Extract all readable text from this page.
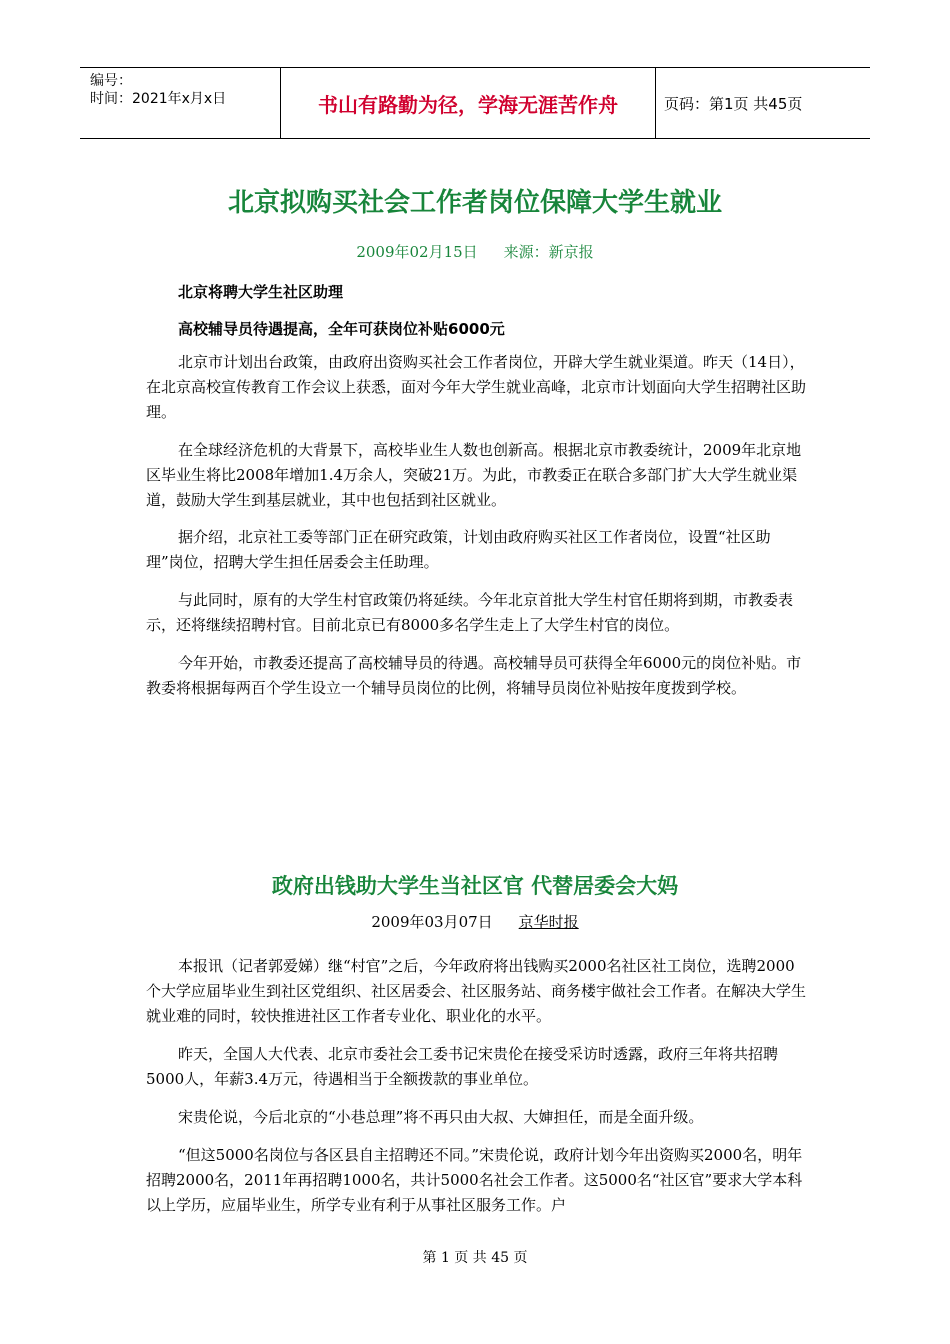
编号：
时间：2021年x月x日	书山有路勤为径，学海无涯苦作舟	页码：第1页 共45页
北京拟购买社会工作者岗位保障大学生就业
2009年02月15日 来源：新京报
北京将聘大学生社区助理
高校辅导员待遇提高，全年可获岗位补贴6000元

北京市计划出台政策，由政府出资购买社会工作者岗位，开辟大学生就业渠道。昨天（14日），在北京高校宣传教育工作会议上获悉，面对今年大学生就业高峰，北京市计划面向大学生招聘社区助理。

在全球经济危机的大背景下，高校毕业生人数也创新高。根据北京市教委统计，2009年北京地区毕业生将比2008年增加1.4万余人，突破21万。为此，市教委正在联合多部门扩大大学生就业渠道，鼓励大学生到基层就业，其中也包括到社区就业。

据介绍，北京社工委等部门正在研究政策，计划由政府购买社区工作者岗位，设置“社区助理”岗位，招聘大学生担任居委会主任助理。

与此同时，原有的大学生村官政策仍将延续。今年北京首批大学生村官任期将到期，市教委表示，还将继续招聘村官。目前北京已有8000多名学生走上了大学生村官的岗位。

今年开始，市教委还提高了高校辅导员的待遇。高校辅导员可获得全年6000元的岗位补贴。市教委将根据每两百个学生设立一个辅导员岗位的比例，将辅导员岗位补贴按年度拨到学校。

政府出钱助大学生当社区官 代替居委会大妈
2009年03月07日 京华时报

本报讯（记者郭爱娣）继“村官”之后，今年政府将出钱购买2000名社区社工岗位，选聘2000个大学应届毕业生到社区党组织、社区居委会、社区服务站、商务楼宇做社会工作者。在解决大学生就业难的同时，较快推进社区工作者专业化、职业化的水平。

昨天，全国人大代表、北京市委社会工委书记宋贵伦在接受采访时透露，政府三年将共招聘5000人，年薪3.4万元，待遇相当于全额拨款的事业单位。

宋贵伦说，今后北京的“小巷总理”将不再只由大叔、大婶担任，而是全面升级。

“但这5000名岗位与各区县自主招聘还不同。”宋贵伦说，政府计划今年出资购买2000名，明年招聘2000名，2011年再招聘1000名，共计5000名社会工作者。这5000名“社区官”要求大学本科以上学历，应届毕业生，所学专业有利于从事社区服务工作。户

第 1 页 共 45 页
